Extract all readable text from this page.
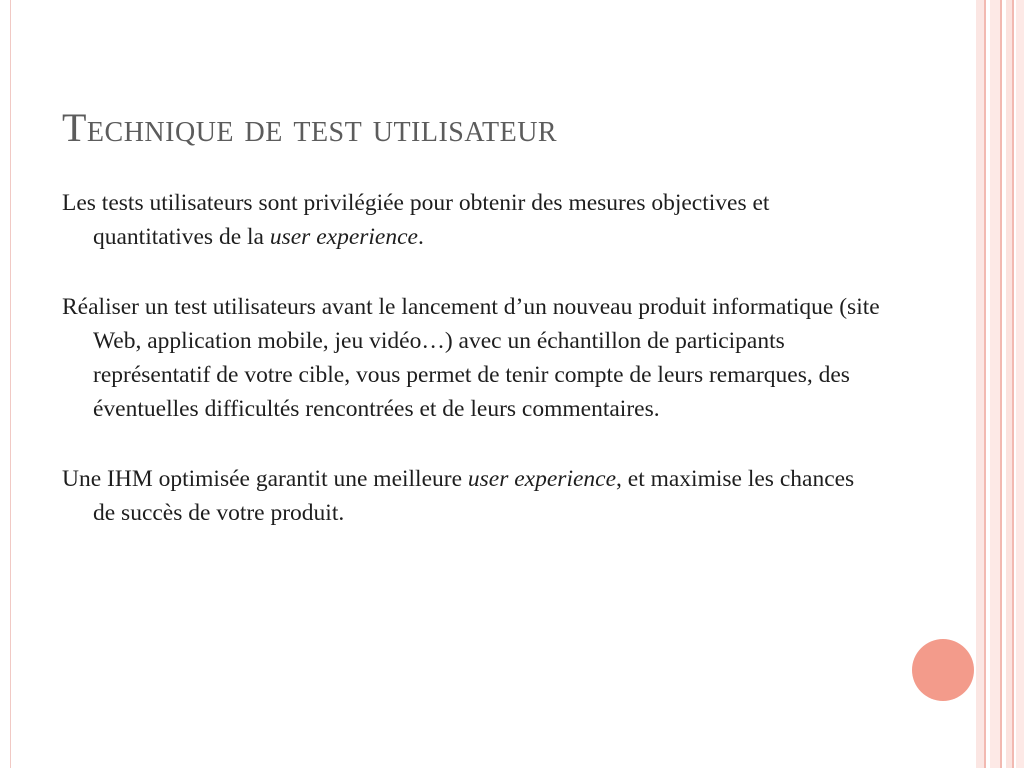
Technique de test utilisateur

Les tests utilisateurs sont privilégiée pour obtenir des mesures objectives et quantitatives de la user experience.

Réaliser un test utilisateurs avant le lancement d’un nouveau produit informatique (site Web, application mobile, jeu vidéo…) avec un échantillon de participants représentatif de votre cible, vous permet de tenir compte de leurs remarques, des éventuelles difficultés rencontrées et de leurs commentaires.

Une IHM optimisée garantit une meilleure user experience, et maximise les chances de succès de votre produit.
